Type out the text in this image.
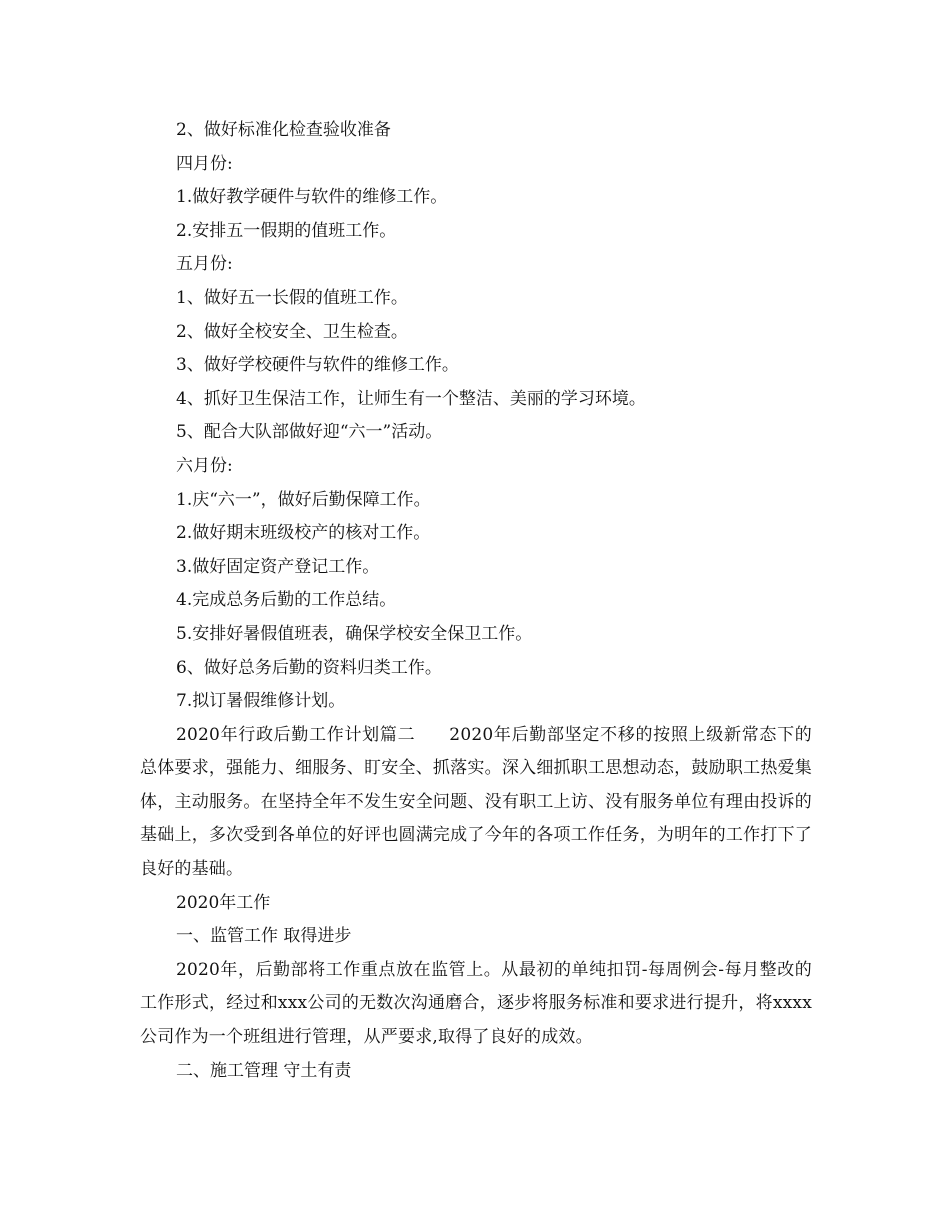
2、做好标准化检查验收准备

四月份:

1.做好教学硬件与软件的维修工作。

2.安排五一假期的值班工作。

五月份:

1、做好五一长假的值班工作。

2、做好全校安全、卫生检查。

3、做好学校硬件与软件的维修工作。

4、抓好卫生保洁工作，让师生有一个整洁、美丽的学习环境。

5、配合大队部做好迎“六一”活动。

六月份:

1.庆“六一”，做好后勤保障工作。

2.做好期末班级校产的核对工作。

3.做好固定资产登记工作。

4.完成总务后勤的工作总结。

5.安排好暑假值班表，确保学校安全保卫工作。

6、做好总务后勤的资料归类工作。

7.拟订暑假维修计划。

2020年行政后勤工作计划篇二 2020年后勤部坚定不移的按照上级新常态下的总体要求，强能力、细服务、盯安全、抓落实。深入细抓职工思想动态，鼓励职工热爱集体，主动服务。在坚持全年不发生安全问题、没有职工上访、没有服务单位有理由投诉的基础上，多次受到各单位的好评也圆满完成了今年的各项工作任务，为明年的工作打下了良好的基础。

2020年工作

一、监管工作 取得进步

2020年，后勤部将工作重点放在监管上。从最初的单纯扣罚-每周例会-每月整改的工作形式，经过和xxx公司的无数次沟通磨合，逐步将服务标准和要求进行提升，将xxxx公司作为一个班组进行管理，从严要求,取得了良好的成效。

二、施工管理 守土有责
